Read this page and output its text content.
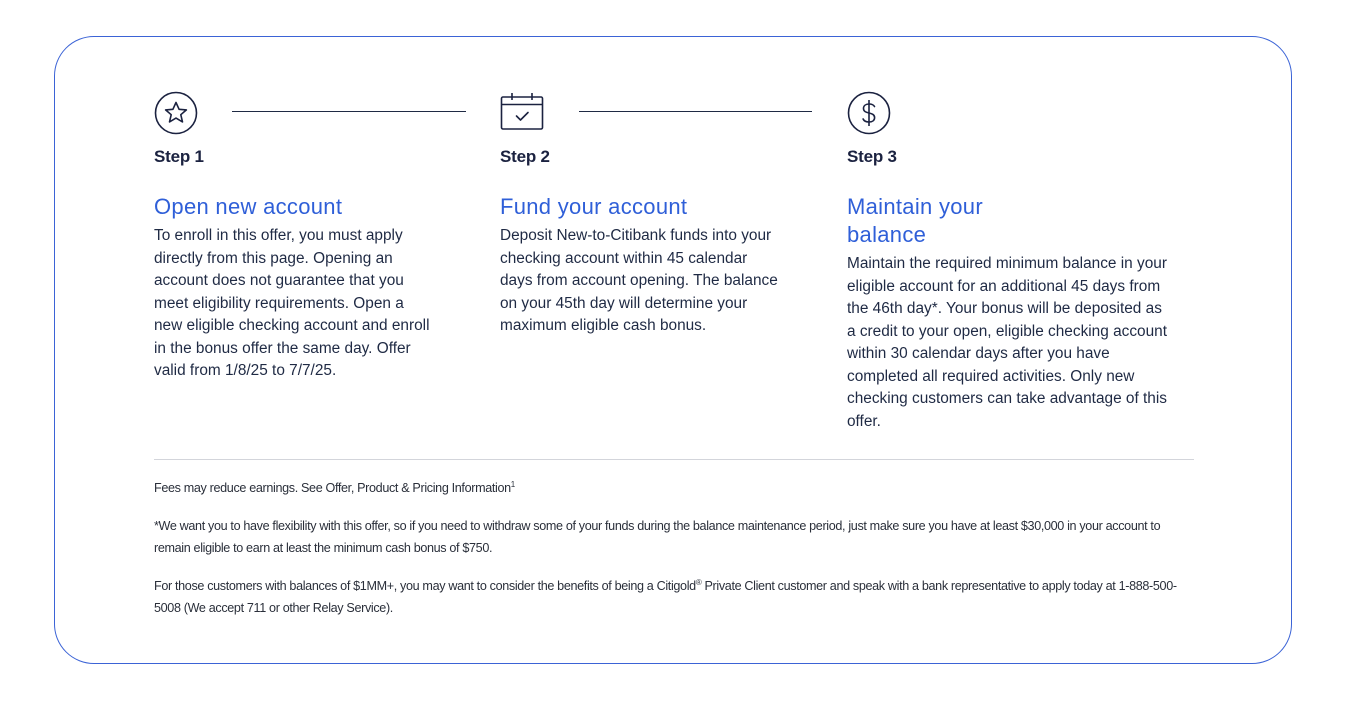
Step 1
Open new account
To enroll in this offer, you must apply directly from this page. Opening an account does not guarantee that you meet eligibility requirements. Open a new eligible checking account and enroll in the bonus offer the same day. Offer valid from 1/8/25 to 7/7/25.
Step 2
Fund your account
Deposit New-to-Citibank funds into your checking account within 45 calendar days from account opening. The balance on your 45th day will determine your maximum eligible cash bonus.
Step 3
Maintain your balance
Maintain the required minimum balance in your eligible account for an additional 45 days from the 46th day*. Your bonus will be deposited as a credit to your open, eligible checking account within 30 calendar days after you have completed all required activities. Only new checking customers can take advantage of this offer.

Fees may reduce earnings. See Offer, Product & Pricing Information$^1$

*We want you to have flexibility with this offer, so if you need to withdraw some of your funds during the balance maintenance period, just make sure you have at least $30,000 in your account to remain eligible to earn at least the minimum cash bonus of $750.

For those customers with balances of $1MM+, you may want to consider the benefits of being a Citigold® Private Client customer and speak with a bank representative to apply today at 1-888-500-5008 (We accept 711 or other Relay Service).
